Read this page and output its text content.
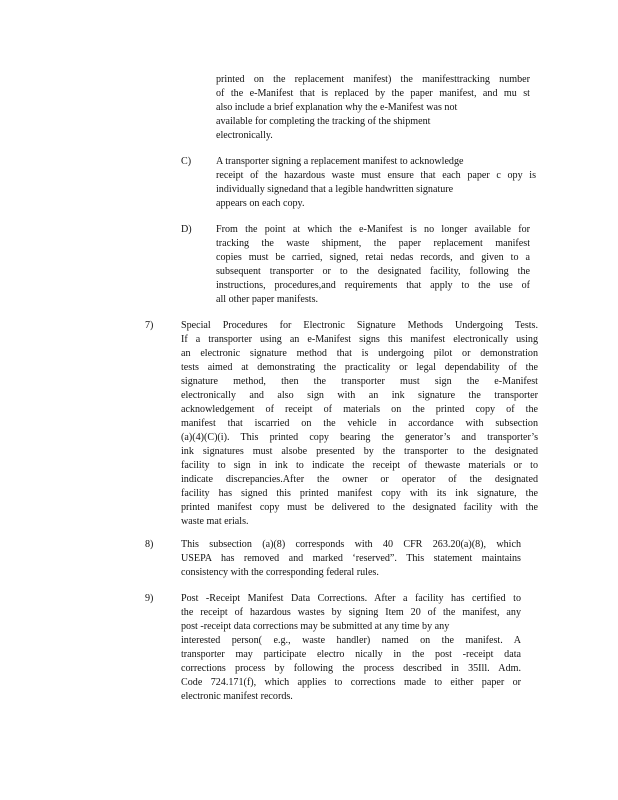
printed on the replacement manifest) the manifesttracking number
of the e-Manifest that is replaced by the paper manifest, and mu st
also include a brief explanation why the e-Manifest was not
available for completing the tracking of the shipment
electronically.
C) A transporter signing a replacement manifest to acknowledge
receipt of the hazardous waste must ensure that each paper c opy is
individually signedand that a legible handwritten signature
appears on each copy.
D) From the point at which the e-Manifest is no longer available for
tracking the waste shipment, the paper replacement manifest
copies must be carried, signed, retai nedas records, and given to a
subsequent transporter or to the designated facility, following the
instructions, procedures,and requirements that apply to the use of
all other paper manifests.
7)	Special Procedures for Electronic Signature Methods Undergoing Tests.
If a transporter using an e-Manifest signs this manifest electronically using
an electronic signature method that is undergoing pilot or demonstration
tests aimed at demonstrating the practicality or legal dependability of the
signature method, then the transporter must sign the e-Manifest
electronically and also sign with an ink signature the transporter
acknowledgement of receipt of materials on the printed copy of the
manifest that iscarried on the vehicle in accordance with subsection
(a)(4)(C)(i). This printed copy bearing the generator’s and transporter’s
ink signatures must alsobe presented by the transporter to the designated
facility to sign in ink to indicate the receipt of thewaste materials or to
indicate discrepancies.After the owner or operator of the designated
facility has signed this printed manifest copy with its ink signature, the
printed manifest copy must be delivered to the designated facility with the
waste mat erials.
8)	This subsection (a)(8) corresponds with 40 CFR 263.20(a)(8), which
USEPA has removed and marked ‘reserved”. This statement maintains
consistency with the corresponding federal rules.
9)	Post -Receipt Manifest Data Corrections. After a facility has certified to
the receipt of hazardous wastes by signing Item 20 of the manifest, any
post -receipt data corrections may be submitted at any time by any
interested person( e.g., waste handler) named on the manifest. A
transporter may participate electro nically in the post -receipt data
corrections process by following the process described in 35Ill. Adm.
Code 724.171(f), which applies to corrections made to either paper or
electronic manifest records.
